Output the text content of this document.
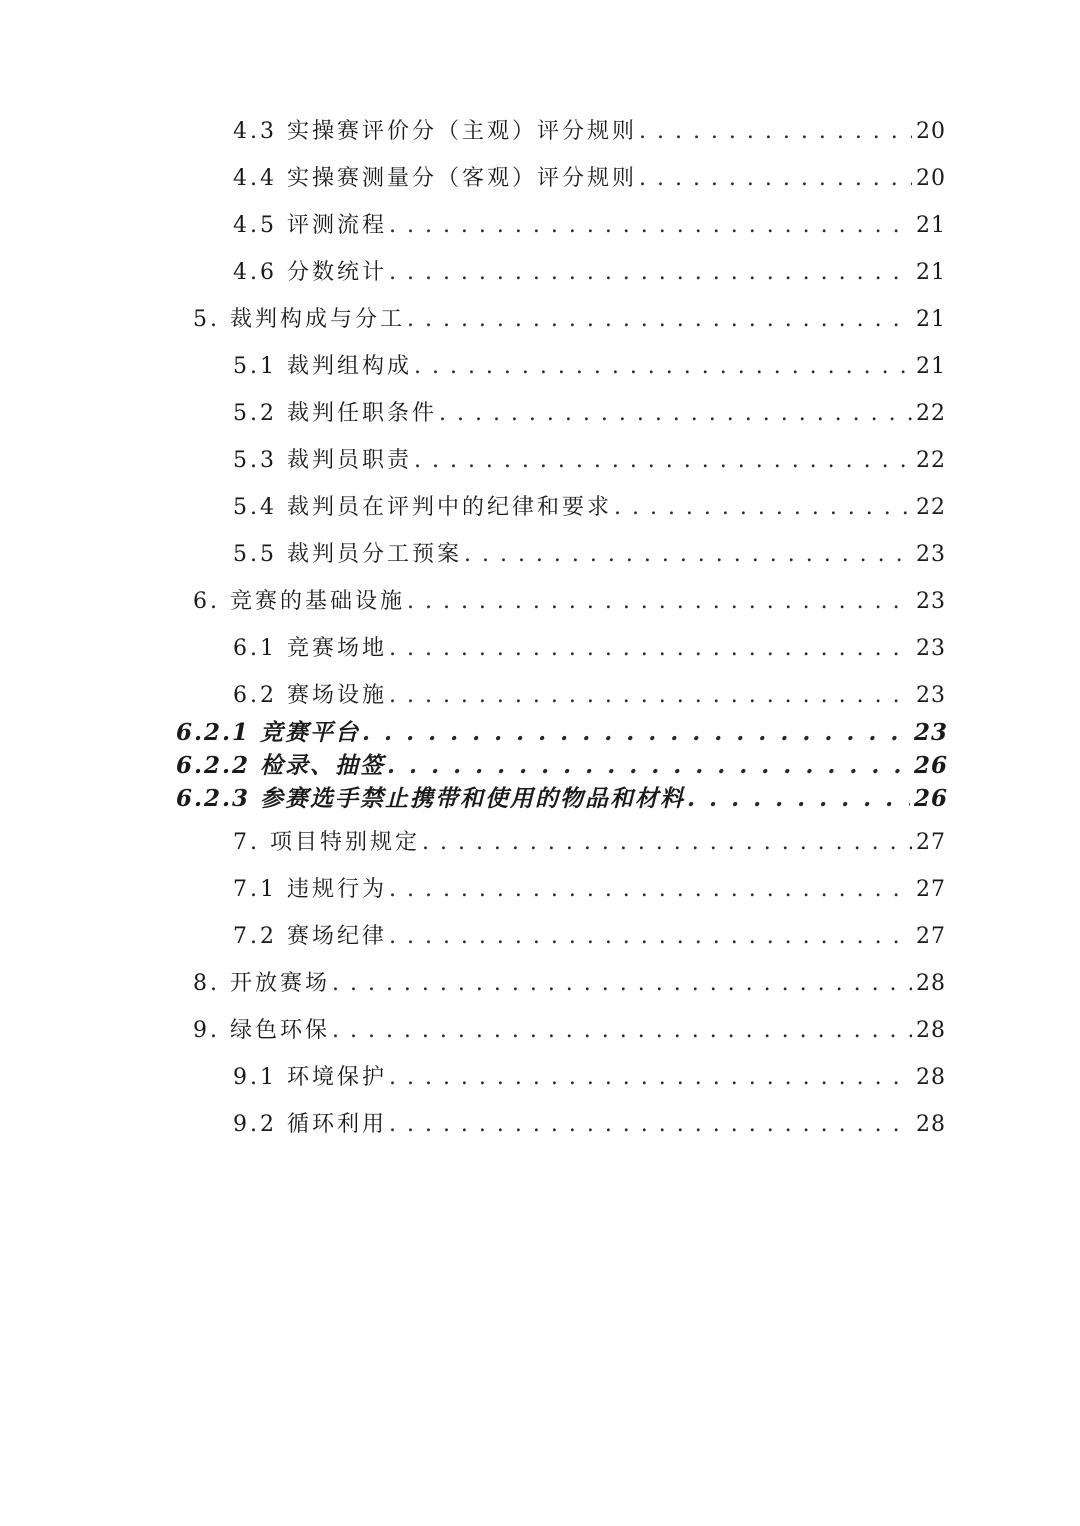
4.3 实操赛评价分（主观）评分规则 . . .	20
4.4 实操赛测量分（客观）评分规则 . . .	20
4.5 评测流程 . . .	21
4.6 分数统计 . . .	21
5. 裁判构成与分工 . . .	21
5.1 裁判组构成 . . .	21
5.2 裁判任职条件 . . .	22
5.3 裁判员职责 . . .	22
5.4 裁判员在评判中的纪律和要求 . . .	22
5.5 裁判员分工预案 . . .	23
6. 竞赛的基础设施 . . .	23
6.1 竞赛场地 . . .	23
6.2 赛场设施 . . .	23
6.2.1 竞赛平台 . . .	23
6.2.2 检录、抽签 . . .	26
6.2.3 参赛选手禁止携带和使用的物品和材料 . . .	26
7. 项目特别规定 . . .	27
7.1 违规行为 . . .	27
7.2 赛场纪律 . . .	27
8. 开放赛场 . . .	28
9. 绿色环保 . . .	28
9.1 环境保护 . . .	28
9.2 循环利用 . . .	28
